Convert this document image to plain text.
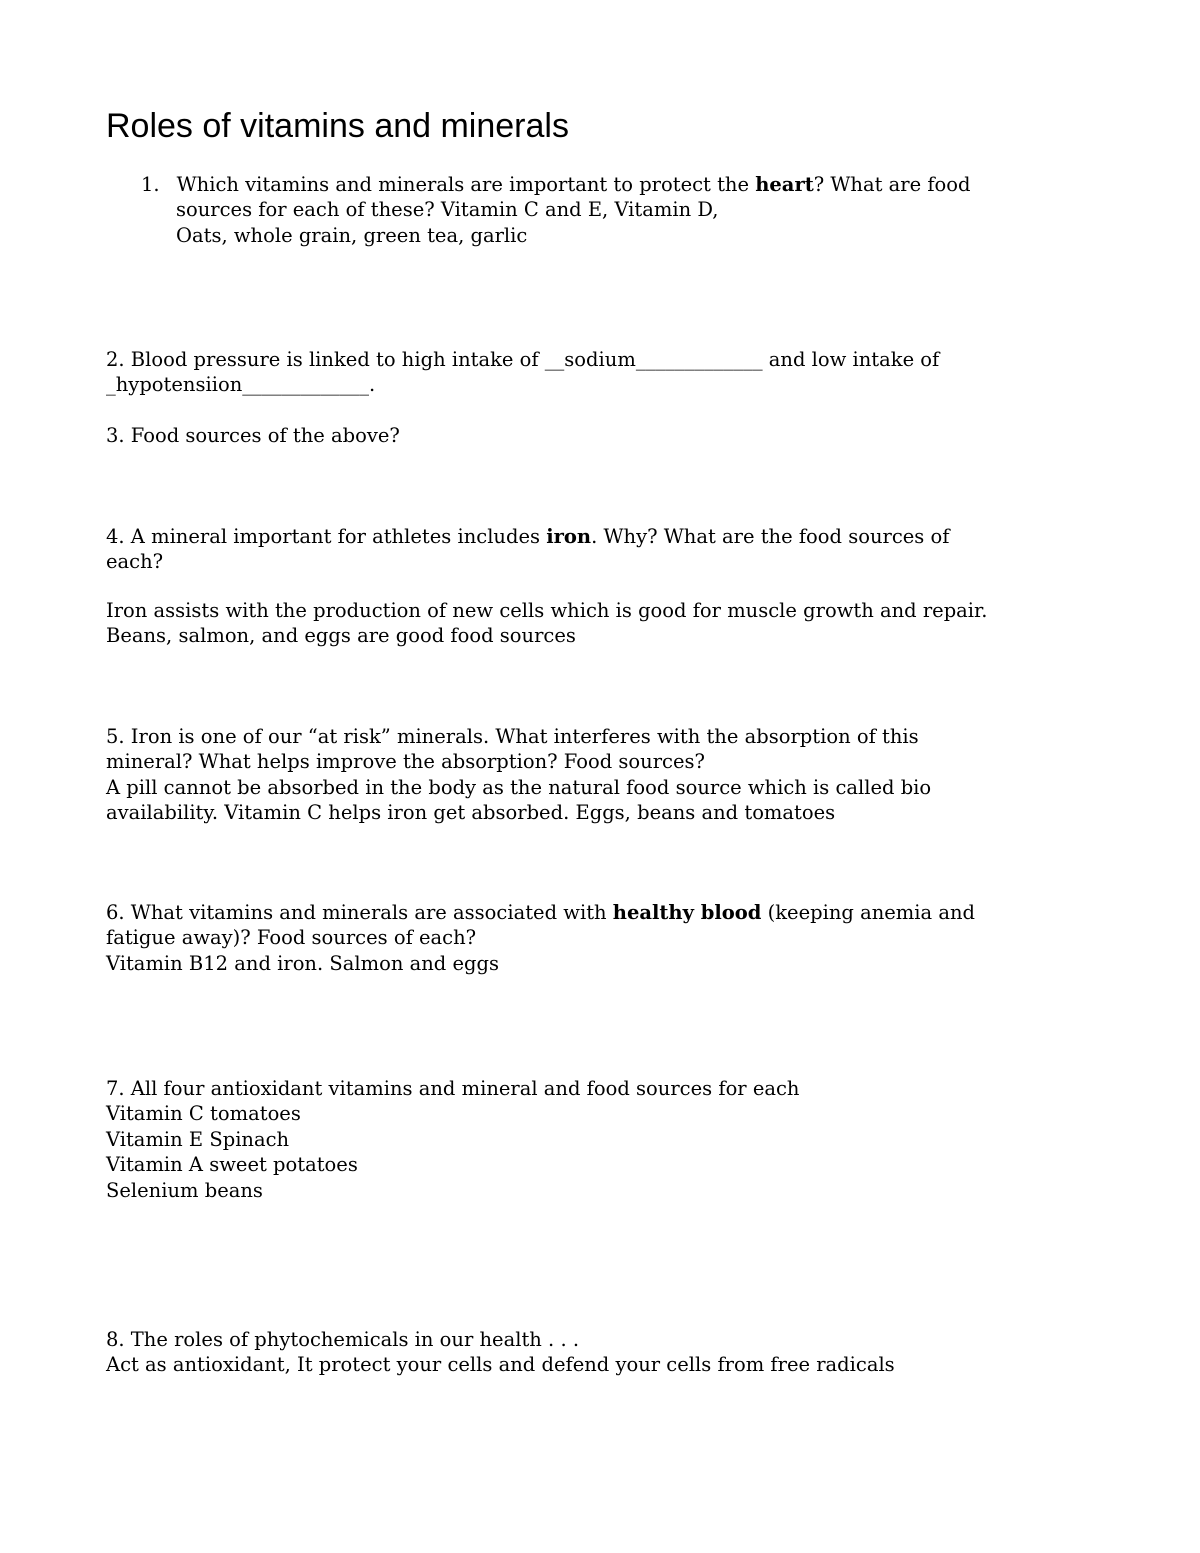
Roles of vitamins and minerals
1. Which vitamins and minerals are important to protect the heart? What are food
sources for each of these? Vitamin C and E, Vitamin D,
Oats, whole grain, green tea, garlic
2. Blood pressure is linked to high intake of __sodium_____________ and low intake of
_hypotensiion_____________.
3. Food sources of the above?
4. A mineral important for athletes includes iron. Why? What are the food sources of
each?
Iron assists with the production of new cells which is good for muscle growth and repair.
Beans, salmon, and eggs are good food sources
5. Iron is one of our “at risk” minerals. What interferes with the absorption of this
mineral? What helps improve the absorption? Food sources?
A pill cannot be absorbed in the body as the natural food source which is called bio
availability. Vitamin C helps iron get absorbed. Eggs, beans and tomatoes
6. What vitamins and minerals are associated with healthy blood (keeping anemia and
fatigue away)? Food sources of each?
Vitamin B12 and iron. Salmon and eggs
7. All four antioxidant vitamins and mineral and food sources for each
Vitamin C tomatoes
Vitamin E Spinach
Vitamin A sweet potatoes
Selenium beans
8. The roles of phytochemicals in our health . . .
Act as antioxidant, It protect your cells and defend your cells from free radicals
